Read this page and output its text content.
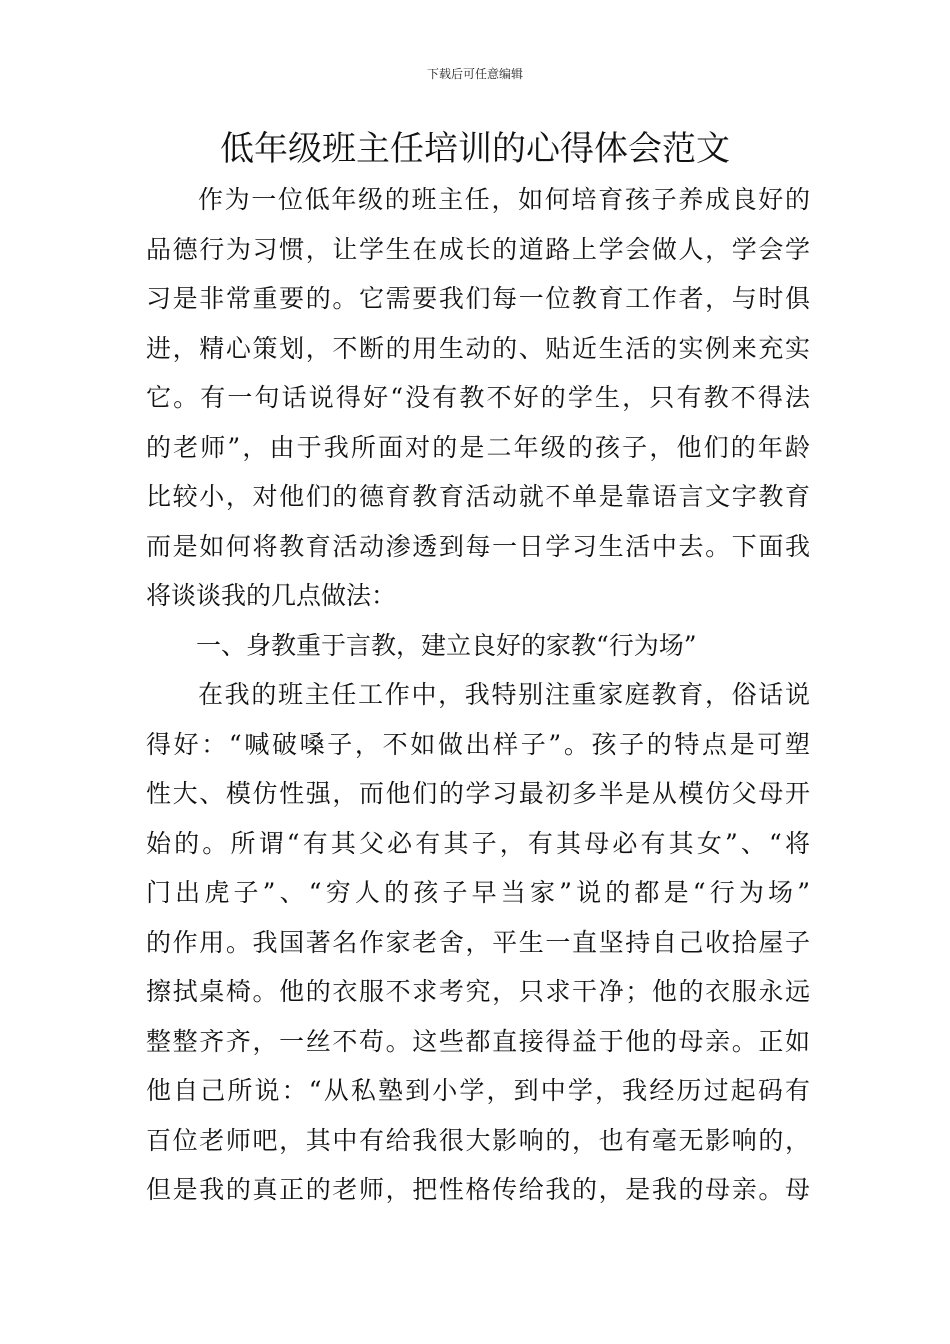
下载后可任意编辑
低年级班主任培训的心得体会范文
作为一位低年级的班主任，如何培育孩子养成良好的
品德行为习惯，让学生在成长的道路上学会做人，学会学
习是非常重要的。它需要我们每一位教育工作者，与时俱
进，精心策划，不断的用生动的、贴近生活的实例来充实
它。有一句话说得好“没有教不好的学生，只有教不得法
的老师”，由于我所面对的是二年级的孩子，他们的年龄
比较小，对他们的德育教育活动就不单是靠语言文字教育
而是如何将教育活动渗透到每一日学习生活中去。下面我
将谈谈我的几点做法：
一、身教重于言教，建立良好的家教“行为场”
在我的班主任工作中，我特别注重家庭教育，俗话说
得好：“喊破嗓子，不如做出样子”。孩子的特点是可塑
性大、模仿性强，而他们的学习最初多半是从模仿父母开
始的。所谓“有其父必有其子，有其母必有其女”、“将
门出虎子”、“穷人的孩子早当家”说的都是“行为场”
的作用。我国著名作家老舍，平生一直坚持自己收拾屋子
擦拭桌椅。他的衣服不求考究，只求干净；他的衣服永远
整整齐齐，一丝不苟。这些都直接得益于他的母亲。正如
他自己所说：“从私塾到小学，到中学，我经历过起码有
百位老师吧，其中有给我很大影响的，也有毫无影响的，
但是我的真正的老师，把性格传给我的，是我的母亲。母
